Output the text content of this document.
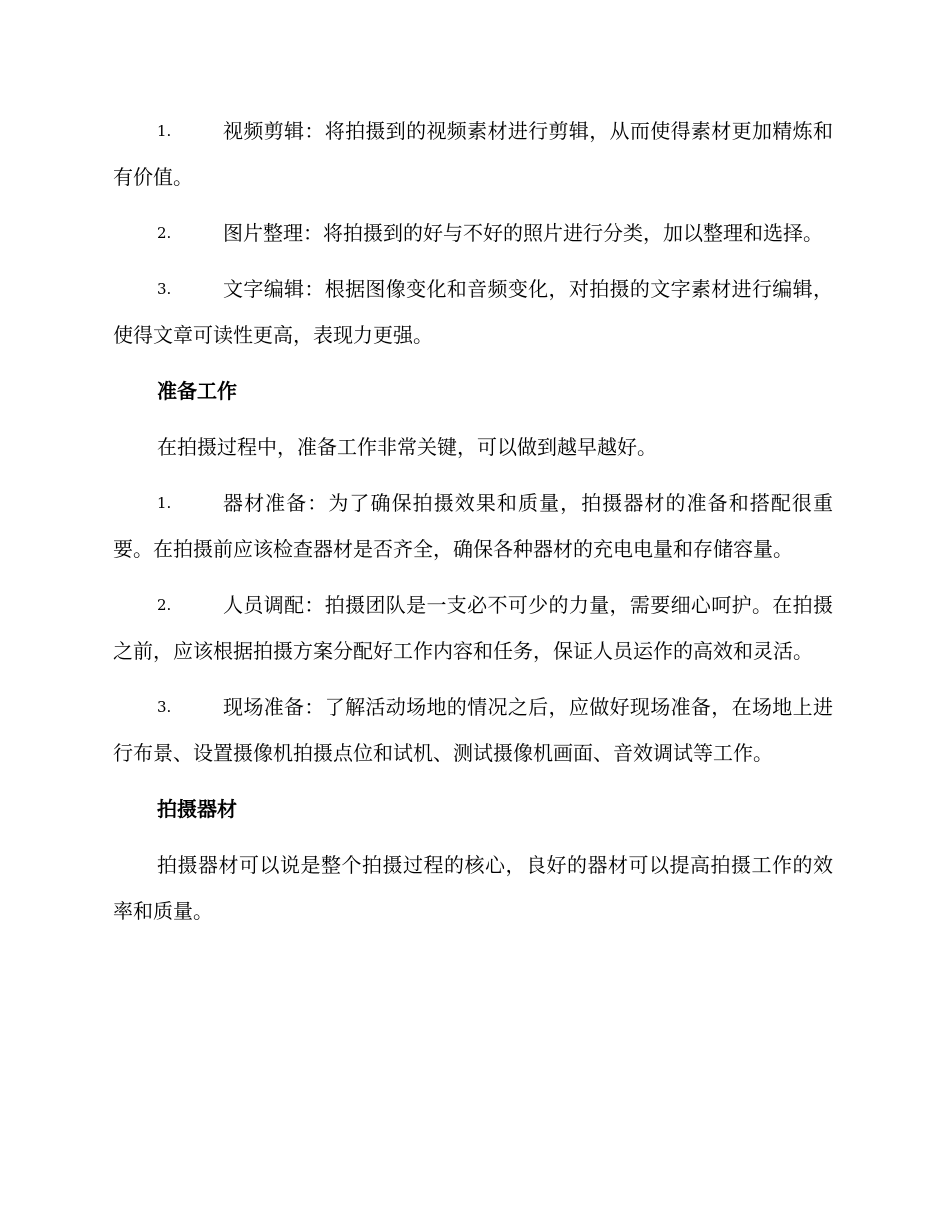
1.	视频剪辑：将拍摄到的视频素材进行剪辑，从而使得素材更加精炼和有价值。
2.	图片整理：将拍摄到的好与不好的照片进行分类，加以整理和选择。
3.	文字编辑：根据图像变化和音频变化，对拍摄的文字素材进行编辑，使得文章可读性更高，表现力更强。
准备工作
在拍摄过程中，准备工作非常关键，可以做到越早越好。
1.	器材准备：为了确保拍摄效果和质量，拍摄器材的准备和搭配很重要。在拍摄前应该检查器材是否齐全，确保各种器材的充电电量和存储容量。
2.	人员调配：拍摄团队是一支必不可少的力量，需要细心呵护。在拍摄之前，应该根据拍摄方案分配好工作内容和任务，保证人员运作的高效和灵活。
3.	现场准备：了解活动场地的情况之后，应做好现场准备，在场地上进行布景、设置摄像机拍摄点位和试机、测试摄像机画面、音效调试等工作。
拍摄器材
拍摄器材可以说是整个拍摄过程的核心，良好的器材可以提高拍摄工作的效率和质量。
